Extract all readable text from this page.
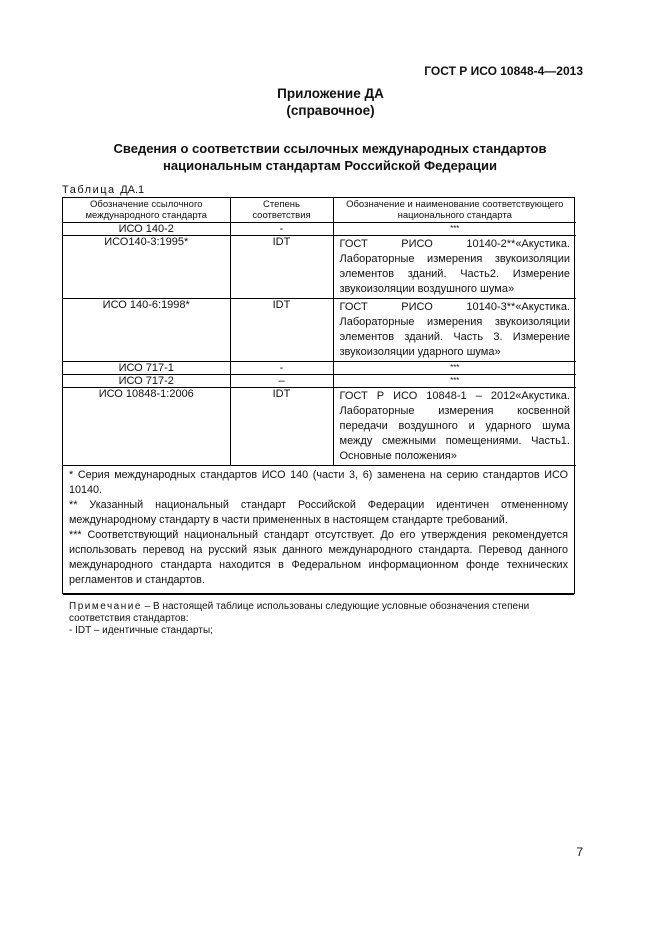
ГОСТ Р ИСО 10848-4—2013
Приложение ДА
(справочное)
Сведения о соответствии ссылочных международных стандартов
национальным стандартам Российской Федерации
Таблица ДА.1
Обозначение ссылочного международного стандарта	Степень соответствия	Обозначение и наименование соответствующего национального стандарта
ИСО 140-2	-	***
ИСО140-3:1995*	IDT	ГОСТ РИСО 10140-2**«Акустика. Лабораторные измерения звукоизоляции элементов зданий. Часть2. Измерение звукоизоляции воздушного шума»
ИСО 140-6:1998*	IDT	ГОСТ РИСО 10140-3**«Акустика. Лабораторные измерения звукоизоляции элементов зданий. Часть 3. Измерение звукоизоляции ударного шума»
ИСО 717-1	-	***
ИСО 717-2	–	***
ИСО 10848-1:2006	IDT	ГОСТ Р ИСО 10848-1 – 2012«Акустика. Лабораторные измерения косвенной передачи воздушного и ударного шума между смежными помещениями. Часть1. Основные положения»

* Серия международных стандартов ИСО 140 (части 3, 6) заменена на серию стандартов ИСО 10140.

** Указанный национальный стандарт Российской Федерации идентичен отмененному международному стандарту в части примененных в настоящем стандарте требований.

*** Соответствующий национальный стандарт отсутствует. До его утверждения рекомендуется использовать перевод на русский язык данного международного стандарта. Перевод данного международного стандарта находится в Федеральном информационном фонде технических регламентов и стандартов.

Примечание – В настоящей таблице использованы следующие условные обозначения степени соответствия стандартов:

- IDT – идентичные стандарты;

7
